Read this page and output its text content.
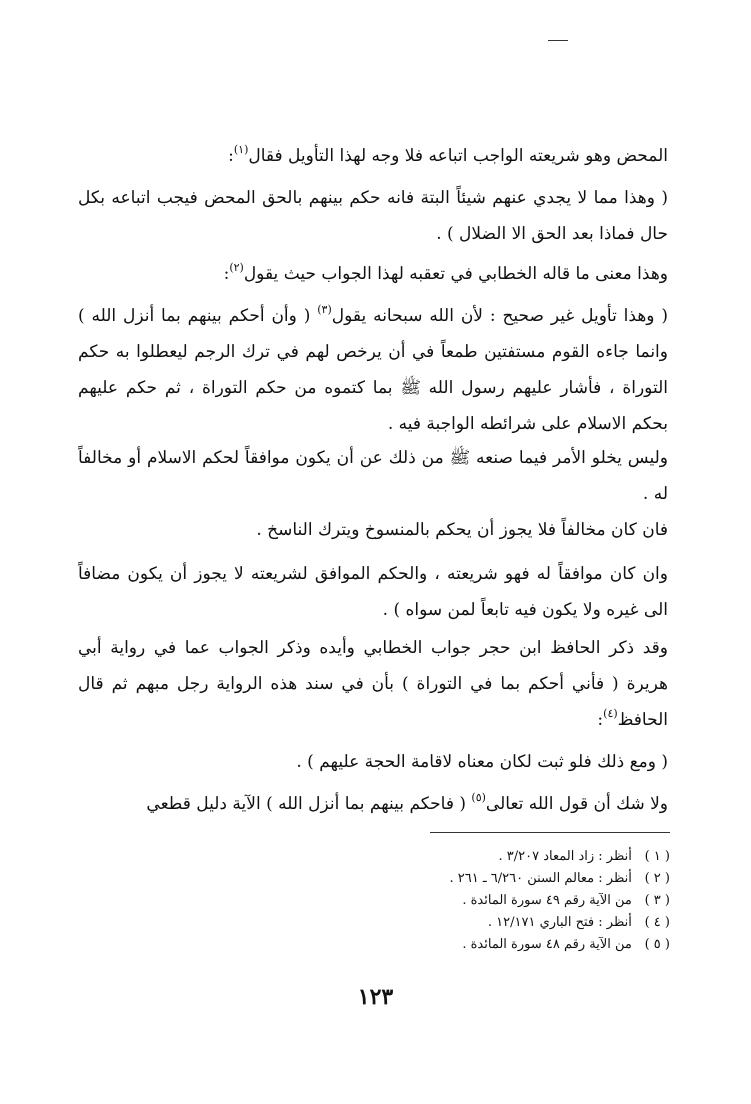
المحض وهو شريعته الواجب اتباعه فلا وجه لهذا التأويل فقال$^{(١)}$:

( وهذا مما لا يجدي عنهم شيئاً البتة فانه حكم بينهم بالحق المحض فيجب اتباعه بكل حال فماذا بعد الحق الا الضلال ) .

وهذا معنى ما قاله الخطابي في تعقبه لهذا الجواب حيث يقول$^{(٢)}$:

( وهذا تأويل غير صحيح : لأن الله سبحانه يقول$^{(٣)}$ ( وأن أحكم بينهم بما أنزل الله ) وانما جاءه القوم مستفتين طمعاً في أن يرخص لهم في ترك الرجم ليعطلوا به حكم التوراة ، فأشار عليهم رسول الله ﷺ بما كتموه من حكم التوراة ، ثم حكم عليهم بحكم الاسلام على شرائطه الواجبة فيه .

وليس يخلو الأمر فيما صنعه ﷺ من ذلك عن أن يكون موافقاً لحكم الاسلام أو مخالفاً له .

فان كان مخالفاً فلا يجوز أن يحكم بالمنسوخ ويترك الناسخ .

وان كان موافقاً له فهو شريعته ، والحكم الموافق لشريعته لا يجوز أن يكون مضافاً الى غيره ولا يكون فيه تابعاً لمن سواه ) .

وقد ذكر الحافظ ابن حجر جواب الخطابي وأيده وذكر الجواب عما في رواية أبي هريرة ( فأني أحكم بما في التوراة ) بأن في سند هذه الرواية رجل مبهم ثم قال الحافظ$^{(٤)}$:

( ومع ذلك فلو ثبت لكان معناه لاقامة الحجة عليهم ) .

ولا شك أن قول الله تعالى$^{(٥)}$ ( فاحكم بينهم بما أنزل الله ) الآية دليل قطعي

( ١ ) أنظر : زاد المعاد ٣/٢٠٧ .
( ٢ ) أنظر : معالم السنن ٦/٢٦٠ ـ ٢٦١ .
( ٣ ) من الآية رقم ٤٩ سورة المائدة .
( ٤ ) أنظر : فتح الباري ١٢/١٧١ .
( ٥ ) من الآية رقم ٤٨ سورة المائدة .
١٢٣
